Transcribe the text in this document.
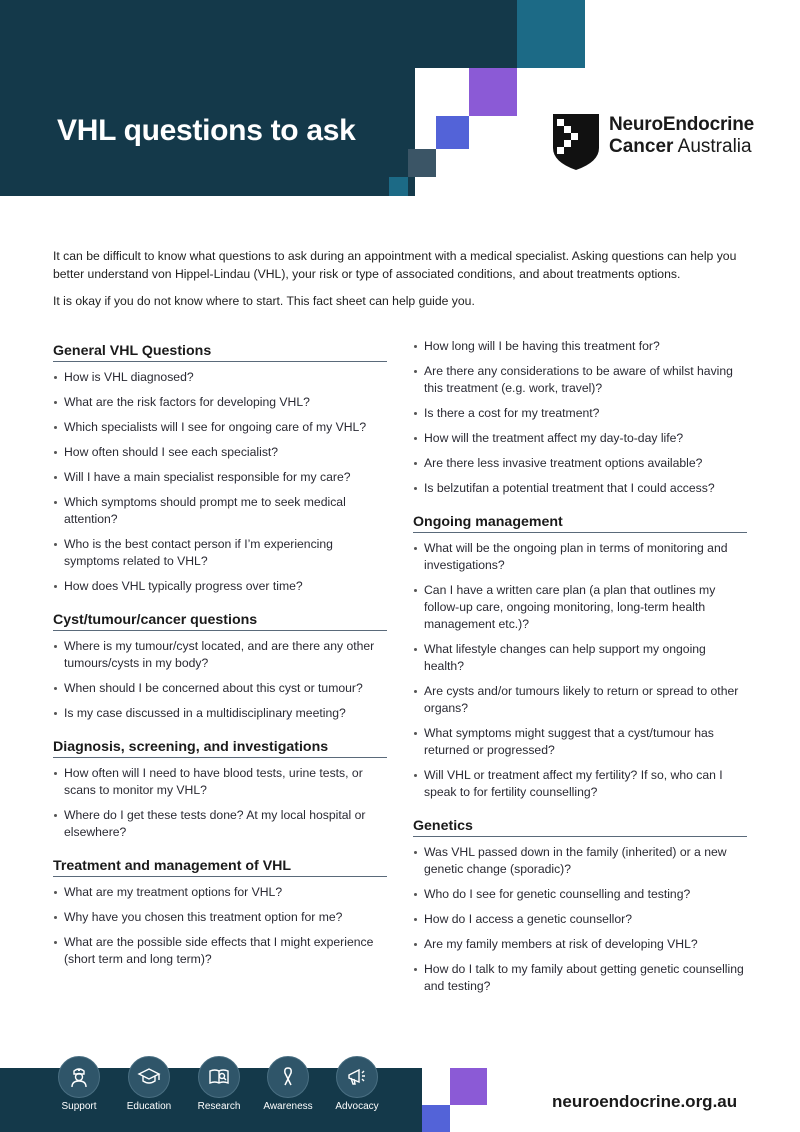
VHL questions to ask	NeuroEndocrine
Cancer Australia

It can be difficult to know what questions to ask during an appointment with a medical specialist. Asking questions can help you better understand von Hippel-Lindau (VHL), your risk or type of associated conditions, and about treatments options.

It is okay if you do not know where to start. This fact sheet can help guide you.

General VHL Questions
How is VHL diagnosed?
What are the risk factors for developing VHL?
Which specialists will I see for ongoing care of my VHL?
How often should I see each specialist?
Will I have a main specialist responsible for my care?
Which symptoms should prompt me to seek medical attention?
Who is the best contact person if I’m experiencing symptoms related to VHL?
How does VHL typically progress over time?
Cyst/tumour/cancer questions
Where is my tumour/cyst located, and are there any other tumours/cysts in my body?
When should I be concerned about this cyst or tumour?
Is my case discussed in a multidisciplinary meeting?
Diagnosis, screening, and investigations
How often will I need to have blood tests, urine tests, or scans to monitor my VHL?
Where do I get these tests done? At my local hospital or elsewhere?
Treatment and management of VHL
What are my treatment options for VHL?
Why have you chosen this treatment option for me?
What are the possible side effects that I might experience (short term and long term)?
How long will I be having this treatment for?
Are there any considerations to be aware of whilst having this treatment (e.g. work, travel)?
Is there a cost for my treatment?
How will the treatment affect my day-to-day life?
Are there less invasive treatment options available?
Is belzutifan a potential treatment that I could access?
Ongoing management
What will be the ongoing plan in terms of monitoring and investigations?
Can I have a written care plan (a plan that outlines my follow-up care, ongoing monitoring, long-term health management etc.)?
What lifestyle changes can help support my ongoing health?
Are cysts and/or tumours likely to return or spread to other organs?
What symptoms might suggest that a cyst/tumour has returned or progressed?
Will VHL or treatment affect my fertility? If so, who can I speak to for fertility counselling?
Genetics
Was VHL passed down in the family (inherited) or a new genetic change (sporadic)?
Who do I see for genetic counselling and testing?
How do I access a genetic counsellor?
Are my family members at risk of developing VHL?
How do I talk to my family about getting genetic counselling and testing?
Support	Education	Research	Awareness	Advocacy	neuroendocrine.org.au
